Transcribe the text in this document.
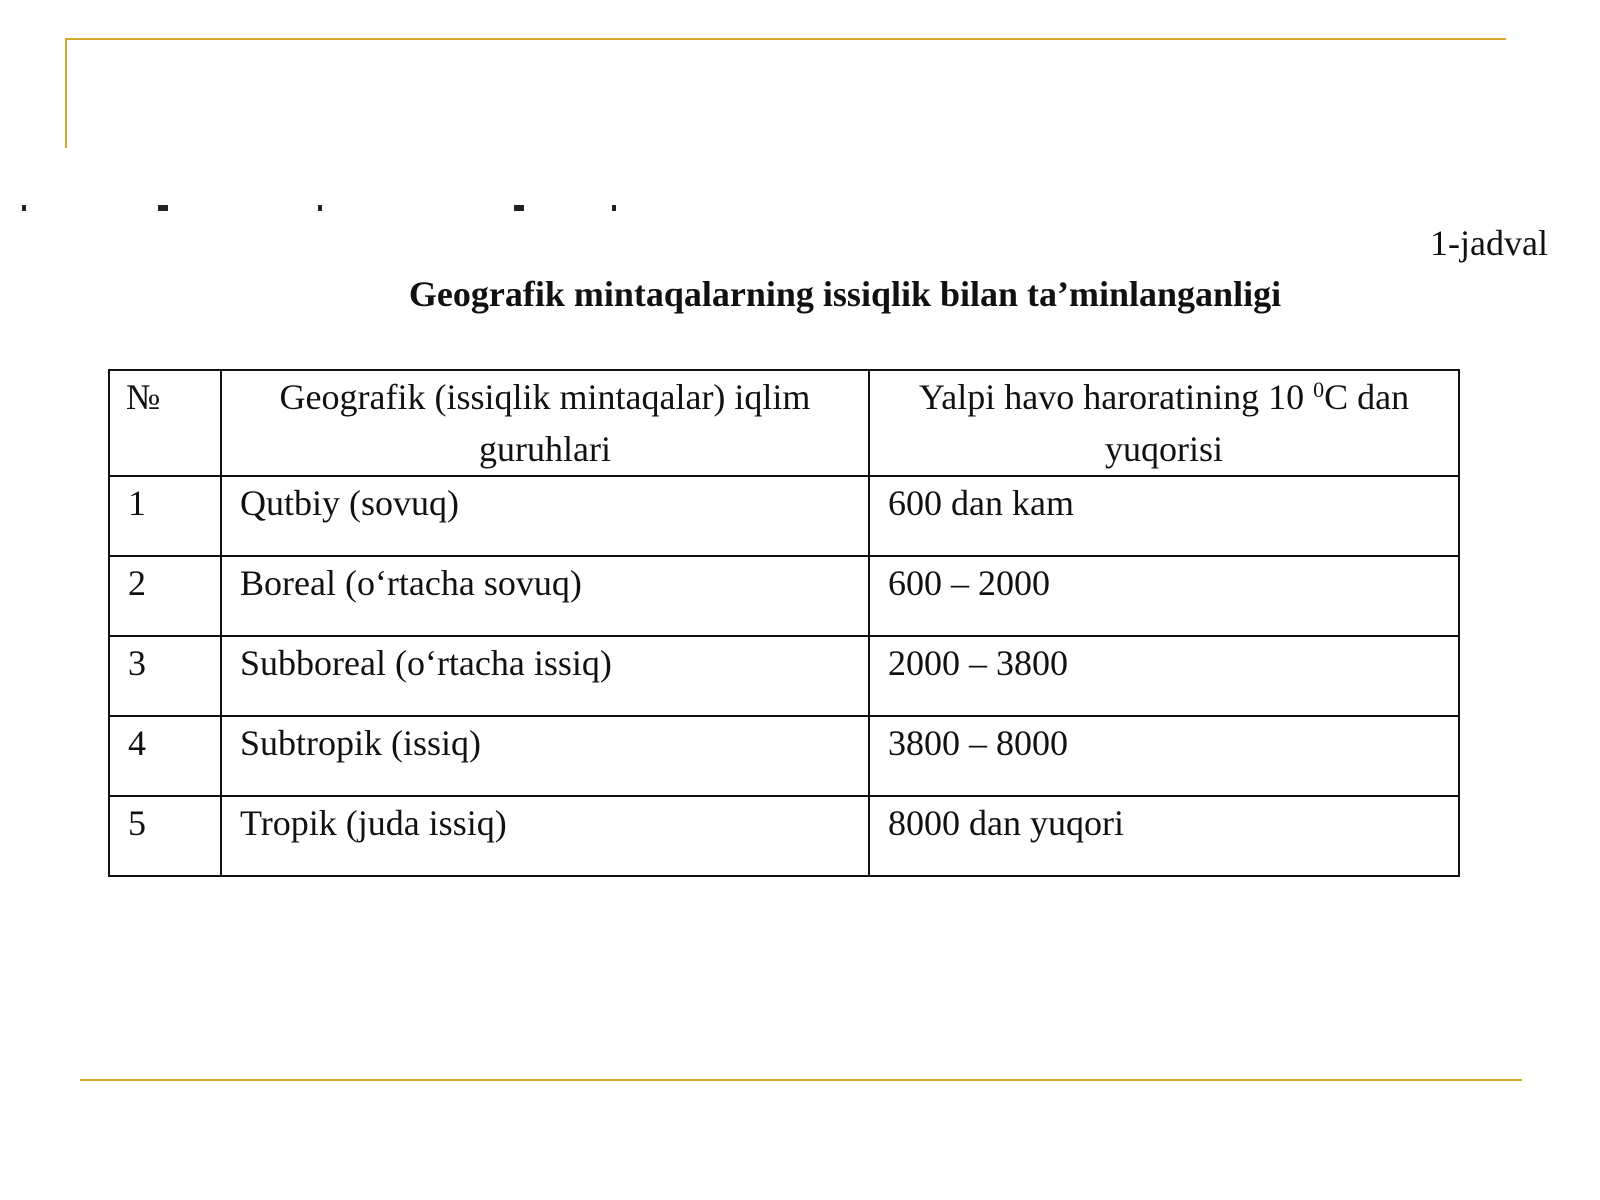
1-jadval
Geografik mintaqalarning issiqlik bilan ta’minlanganligi
№	Geografik (issiqlik mintaqalar) iqlim guruhlari	Yalpi havo haroratining 10 $^0$C dan yuqorisi
1	Qutbiy (sovuq)	600 dan kam
2	Boreal (oʻrtacha sovuq)	600 – 2000
3	Subboreal (oʻrtacha issiq)	2000 – 3800
4	Subtropik (issiq)	3800 – 8000
5	Tropik (juda issiq)	8000 dan yuqori
